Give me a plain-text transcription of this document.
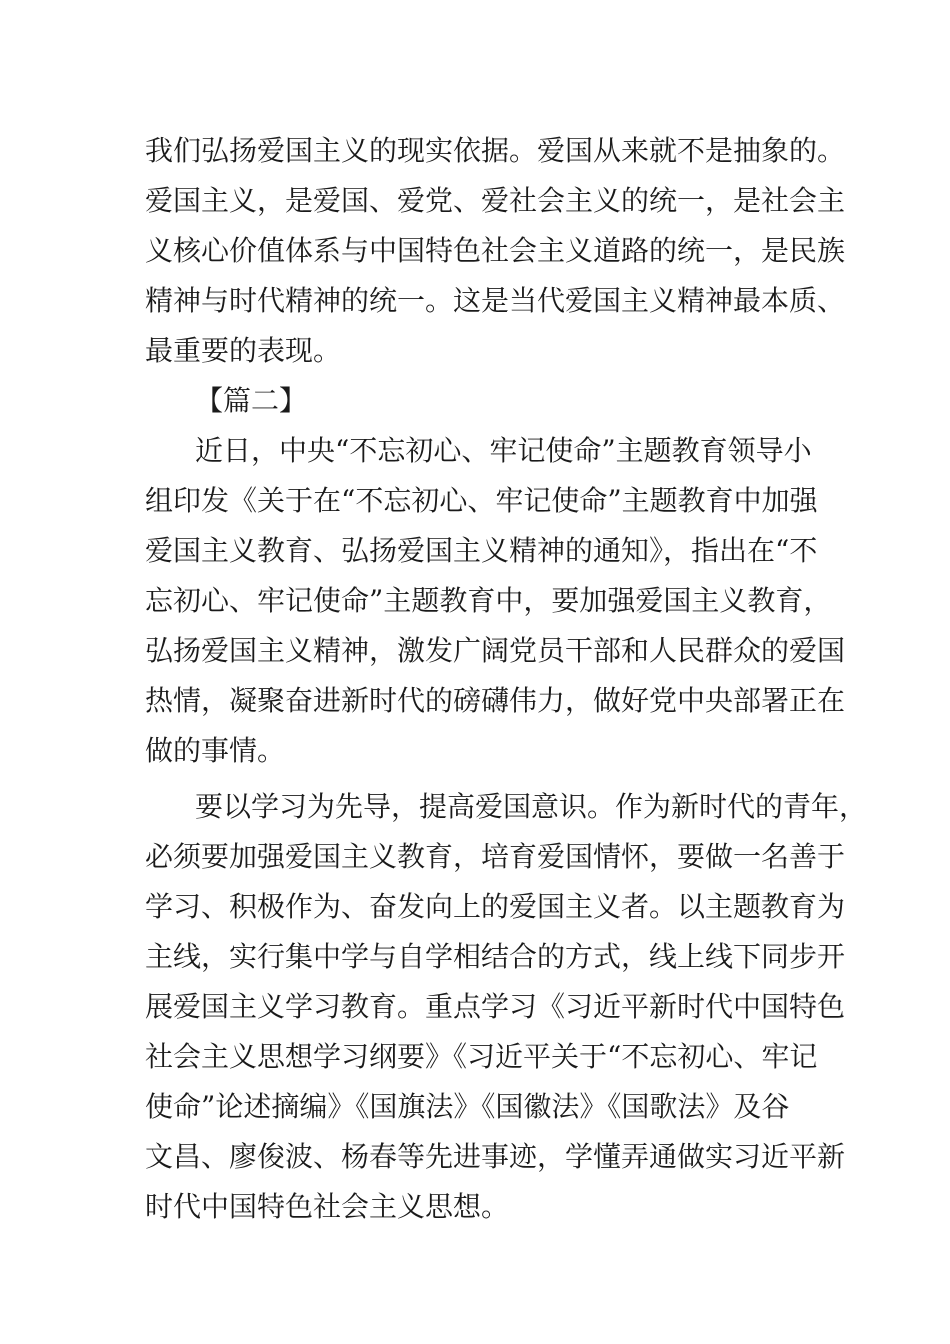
我们弘扬爱国主义的现实依据。爱国从来就不是抽象的。
爱国主义，是爱国、爱党、爱社会主义的统一，是社会主
义核心价值体系与中国特色社会主义道路的统一，是民族
精神与时代精神的统一。这是当代爱国主义精神最本质、
最重要的表现。
【篇二】
近日，中央“不忘初心、牢记使命”主题教育领导小
组印发《关于在“不忘初心、牢记使命”主题教育中加强
爱国主义教育、弘扬爱国主义精神的通知》，指出在“不
忘初心、牢记使命”主题教育中，要加强爱国主义教育，
弘扬爱国主义精神，激发广阔党员干部和人民群众的爱国
热情，凝聚奋进新时代的磅礴伟力，做好党中央部署正在
做的事情。
要以学习为先导，提高爱国意识。作为新时代的青年，
必须要加强爱国主义教育，培育爱国情怀，要做一名善于
学习、积极作为、奋发向上的爱国主义者。以主题教育为
主线，实行集中学与自学相结合的方式，线上线下同步开
展爱国主义学习教育。重点学习《习近平新时代中国特色
社会主义思想学习纲要》《习近平关于“不忘初心、牢记
使命”论述摘编》《国旗法》《国徽法》《国歌法》及谷
文昌、廖俊波、杨春等先进事迹，学懂弄通做实习近平新
时代中国特色社会主义思想。
